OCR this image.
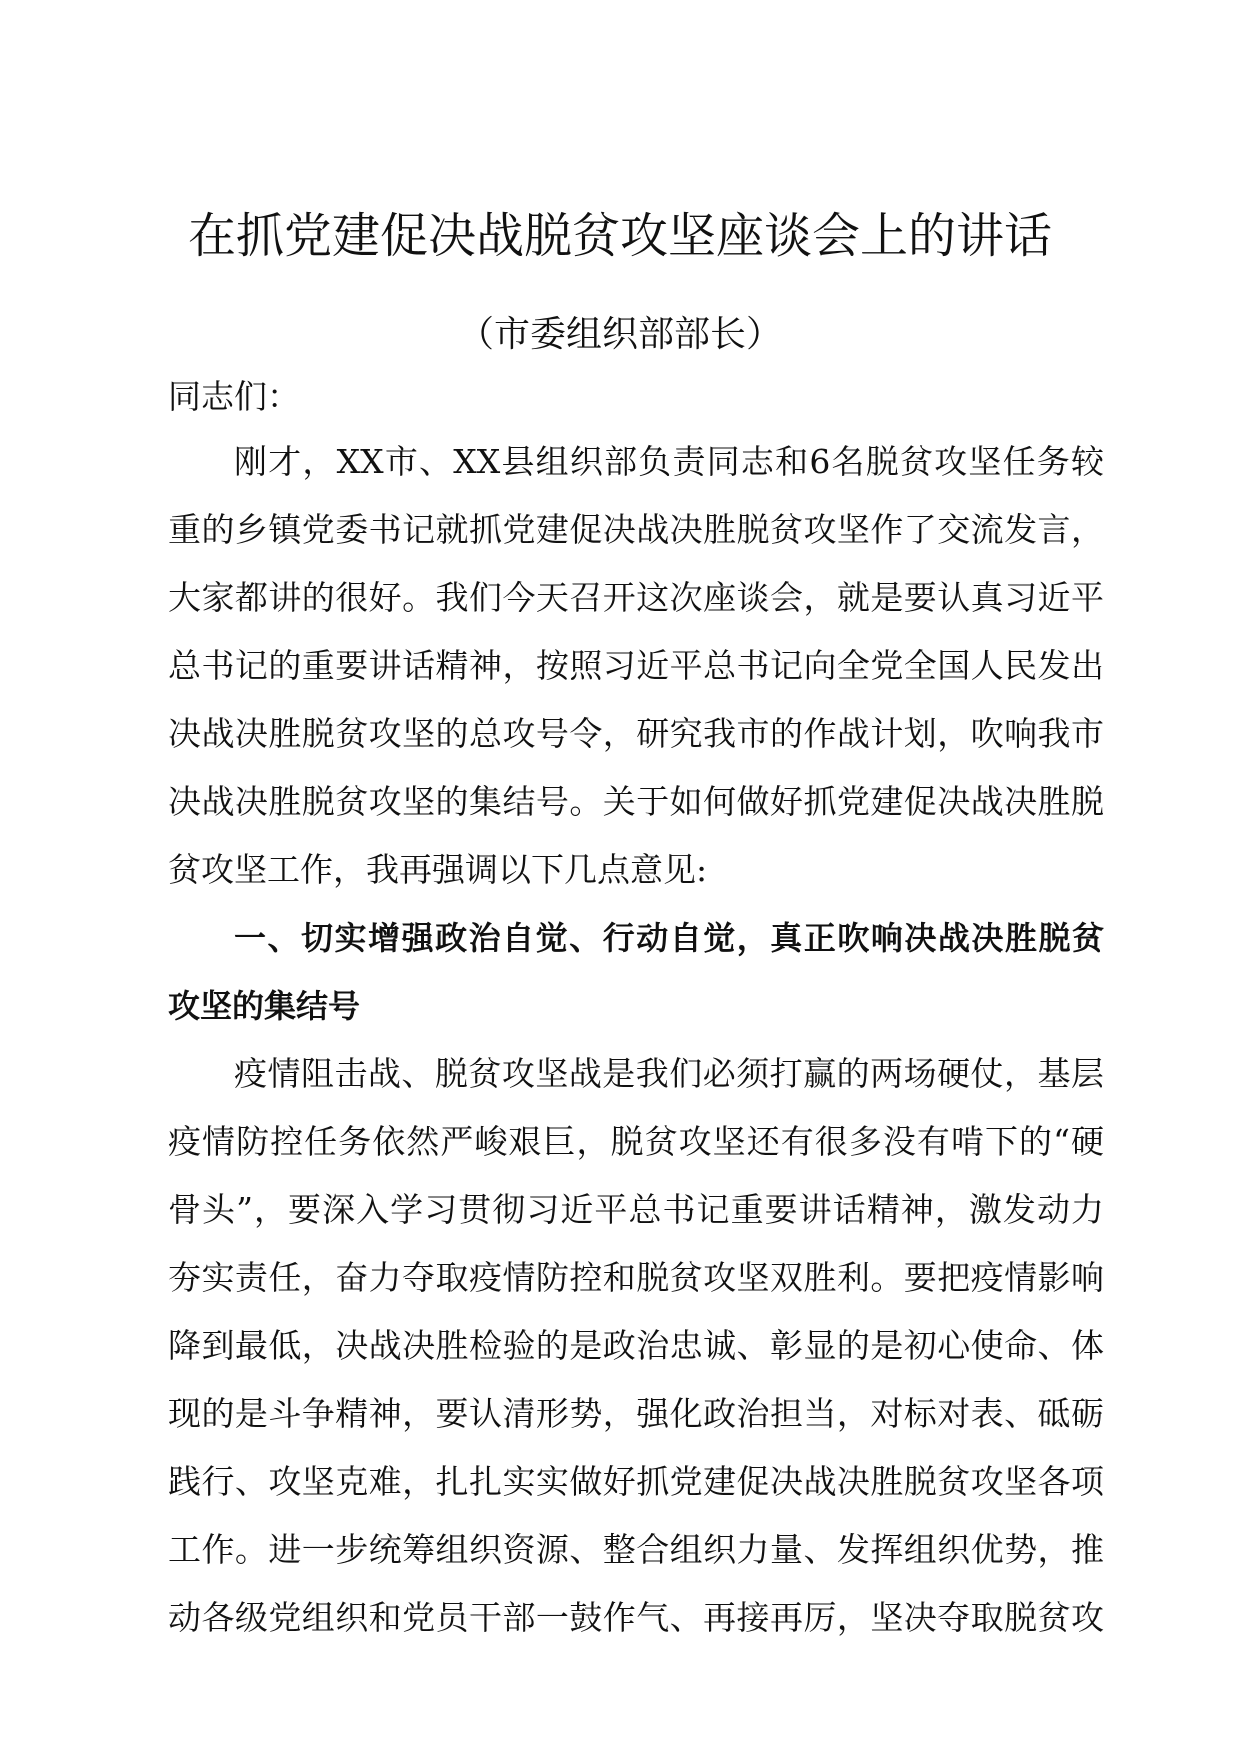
在抓党建促决战脱贫攻坚座谈会上的讲话
（市委组织部部长）
同志们：
刚才，XX市、XX县组织部负责同志和6名脱贫攻坚任务较
重的乡镇党委书记就抓党建促决战决胜脱贫攻坚作了交流发言，
大家都讲的很好。我们今天召开这次座谈会，就是要认真习近平
总书记的重要讲话精神，按照习近平总书记向全党全国人民发出
决战决胜脱贫攻坚的总攻号令，研究我市的作战计划，吹响我市
决战决胜脱贫攻坚的集结号。关于如何做好抓党建促决战决胜脱
贫攻坚工作，我再强调以下几点意见:
一、切实增强政治自觉、行动自觉，真正吹响决战决胜脱贫
攻坚的集结号
疫情阻击战、脱贫攻坚战是我们必须打赢的两场硬仗，基层
疫情防控任务依然严峻艰巨，脱贫攻坚还有很多没有啃下的“硬
骨头”，要深入学习贯彻习近平总书记重要讲话精神，激发动力
夯实责任，奋力夺取疫情防控和脱贫攻坚双胜利。要把疫情影响
降到最低，决战决胜检验的是政治忠诚、彰显的是初心使命、体
现的是斗争精神，要认清形势，强化政治担当，对标对表、砥砺
践行、攻坚克难，扎扎实实做好抓党建促决战决胜脱贫攻坚各项
工作。进一步统筹组织资源、整合组织力量、发挥组织优势，推
动各级党组织和党员干部一鼓作气、再接再厉，坚决夺取脱贫攻
